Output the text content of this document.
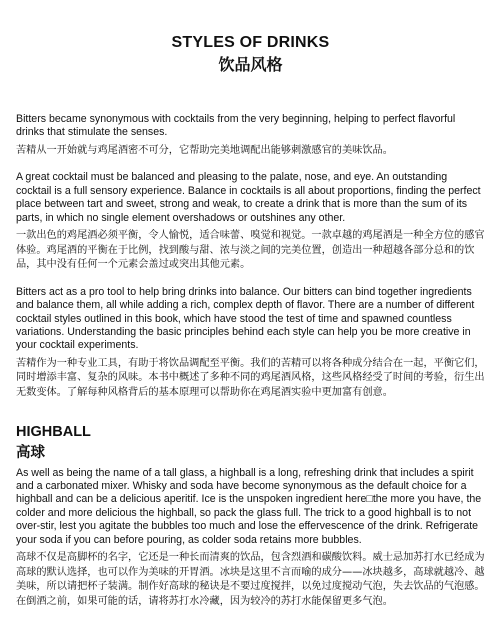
STYLES OF DRINKS
饮品风格

Bitters became synonymous with cocktails from the very beginning, helping to perfect flavorful drinks that stimulate the senses.

苦精从一开始就与鸡尾酒密不可分，它帮助完美地调配出能够刺激感官的美味饮品。

A great cocktail must be balanced and pleasing to the palate, nose, and eye. An outstanding cocktail is a full sensory experience. Balance in cocktails is all about proportions, finding the perfect place between tart and sweet, strong and weak, to create a drink that is more than the sum of its parts, in which no single element overshadows or outshines any other.

一款出色的鸡尾酒必须平衡，令人愉悦，适合味蕾、嗅觉和视觉。一款卓越的鸡尾酒是一种全方位的感官体验。鸡尾酒的平衡在于比例，找到酸与甜、浓与淡之间的完美位置，创造出一种超越各部分总和的饮品，其中没有任何一个元素会盖过或突出其他元素。

Bitters act as a pro tool to help bring drinks into balance. Our bitters can bind together ingredients and balance them, all while adding a rich, complex depth of flavor. There are a number of different cocktail styles outlined in this book, which have stood the test of time and spawned countless variations. Understanding the basic principles behind each style can help you be more creative in your cocktail experiments.

苦精作为一种专业工具，有助于将饮品调配至平衡。我们的苦精可以将各种成分结合在一起，平衡它们，同时增添丰富、复杂的风味。本书中概述了多种不同的鸡尾酒风格，这些风格经受了时间的考验，衍生出无数变体。了解每种风格背后的基本原理可以帮助你在鸡尾酒实验中更加富有创意。

HIGHBALL
高球

As well as being the name of a tall glass, a highball is a long, refreshing drink that includes a spirit and a carbonated mixer. Whisky and soda have become synonymous as the default choice for a highball and can be a delicious aperitif. Ice is the unspoken ingredient here□the more you have, the colder and more delicious the highball, so pack the glass full. The trick to a good highball is to not over-stir, lest you agitate the bubbles too much and lose the effervescence of the drink. Refrigerate your soda if you can before pouring, as colder soda retains more bubbles.

高球不仅是高脚杯的名字，它还是一种长而清爽的饮品，包含烈酒和碳酸饮料。威士忌加苏打水已经成为高球的默认选择，也可以作为美味的开胃酒。冰块是这里不言而喻的成分——冰块越多，高球就越冷、越美味，所以请把杯子装满。制作好高球的秘诀是不要过度搅拌，以免过度搅动气泡，失去饮品的气泡感。在倒酒之前，如果可能的话，请将苏打水冷藏，因为较冷的苏打水能保留更多气泡。
